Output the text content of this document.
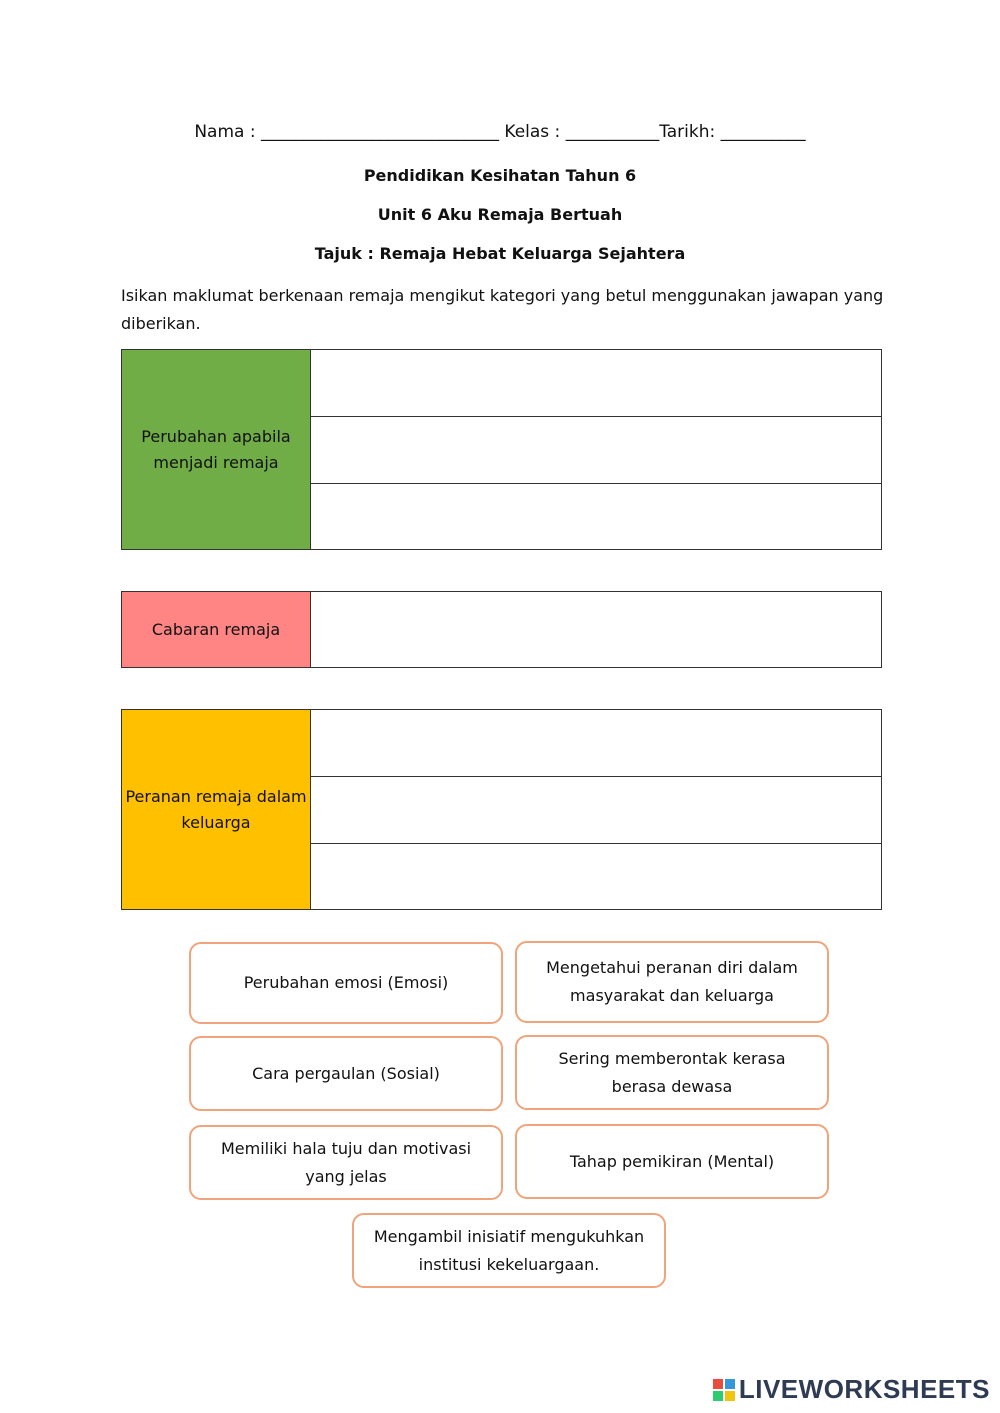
Nama : ____________________________ Kelas : ___________Tarikh: __________
Pendidikan Kesihatan Tahun 6
Unit 6 Aku Remaja Bertuah
Tajuk : Remaja Hebat Keluarga Sejahtera
Isikan maklumat berkenaan remaja mengikut kategori yang betul menggunakan jawapan yang diberikan.
Perubahan apabila menjadi remaja	

Cabaran remaja	
Peranan remaja dalam keluarga	

Perubahan emosi (Emosi)
Mengetahui peranan diri dalam masyarakat dan keluarga
Cara pergaulan (Sosial)
Sering memberontak kerasa berasa dewasa
Memiliki hala tuju dan motivasi yang jelas
Tahap pemikiran (Mental)
Mengambil inisiatif mengukuhkan institusi kekeluargaan.
LIVEWORKSHEETS
